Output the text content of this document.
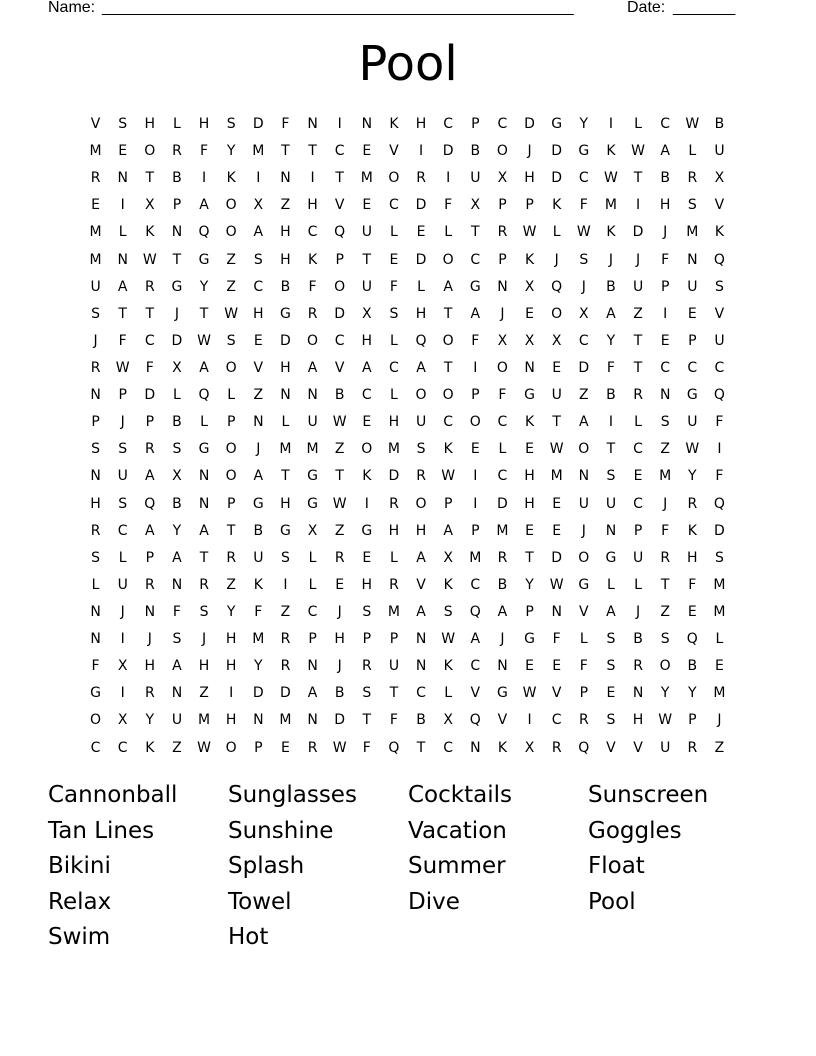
Name: _____________________________________________________	Date: _______
Pool
V	S	H	L	H	S	D	F	N	I	N	K	H	C	P	C	D	G	Y	I	L	C	W	B
M	E	O	R	F	Y	M	T	T	C	E	V	I	D	B	O	J	D	G	K	W	A	L	U
R	N	T	B	I	K	I	N	I	T	M	O	R	I	U	X	H	D	C	W	T	B	R	X
E	I	X	P	A	O	X	Z	H	V	E	C	D	F	X	P	P	K	F	M	I	H	S	V
M	L	K	N	Q	O	A	H	C	Q	U	L	E	L	T	R	W	L	W	K	D	J	M	K
M	N	W	T	G	Z	S	H	K	P	T	E	D	O	C	P	K	J	S	J	J	F	N	Q
U	A	R	G	Y	Z	C	B	F	O	U	F	L	A	G	N	X	Q	J	B	U	P	U	S
S	T	T	J	T	W	H	G	R	D	X	S	H	T	A	J	E	O	X	A	Z	I	E	V
J	F	C	D	W	S	E	D	O	C	H	L	Q	O	F	X	X	X	C	Y	T	E	P	U
R	W	F	X	A	O	V	H	A	V	A	C	A	T	I	O	N	E	D	F	T	C	C	C
N	P	D	L	Q	L	Z	N	N	B	C	L	O	O	P	F	G	U	Z	B	R	N	G	Q
P	J	P	B	L	P	N	L	U	W	E	H	U	C	O	C	K	T	A	I	L	S	U	F
S	S	R	S	G	O	J	M	M	Z	O	M	S	K	E	L	E	W	O	T	C	Z	W	I
N	U	A	X	N	O	A	T	G	T	K	D	R	W	I	C	H	M	N	S	E	M	Y	F
H	S	Q	B	N	P	G	H	G	W	I	R	O	P	I	D	H	E	U	U	C	J	R	Q
R	C	A	Y	A	T	B	G	X	Z	G	H	H	A	P	M	E	E	J	N	P	F	K	D
S	L	P	A	T	R	U	S	L	R	E	L	A	X	M	R	T	D	O	G	U	R	H	S
L	U	R	N	R	Z	K	I	L	E	H	R	V	K	C	B	Y	W	G	L	L	T	F	M
N	J	N	F	S	Y	F	Z	C	J	S	M	A	S	Q	A	P	N	V	A	J	Z	E	M
N	I	J	S	J	H	M	R	P	H	P	P	N	W	A	J	G	F	L	S	B	S	Q	L
F	X	H	A	H	H	Y	R	N	J	R	U	N	K	C	N	E	E	F	S	R	O	B	E
G	I	R	N	Z	I	D	D	A	B	S	T	C	L	V	G	W	V	P	E	N	Y	Y	M
O	X	Y	U	M	H	N	M	N	D	T	F	B	X	Q	V	I	C	R	S	H	W	P	J
C	C	K	Z	W	O	P	E	R	W	F	Q	T	C	N	K	X	R	Q	V	V	U	R	Z
Cannonball	Sunglasses	Cocktails	Sunscreen
Tan Lines	Sunshine	Vacation	Goggles
Bikini	Splash	Summer	Float
Relax	Towel	Dive	Pool
Swim	Hot
